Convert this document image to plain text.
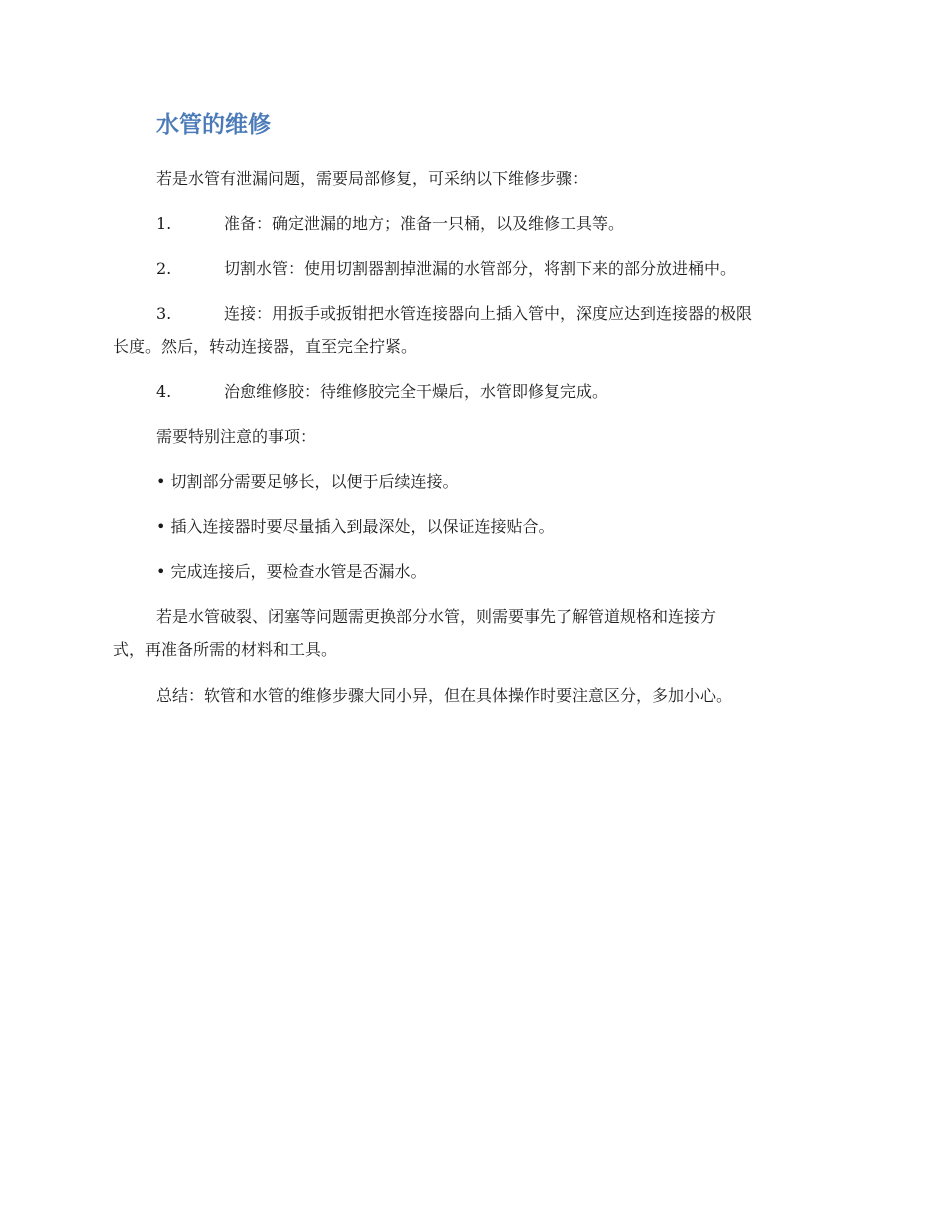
水管的维修

若是水管有泄漏问题，需要局部修复，可采纳以下维修步骤：

1.	准备：确定泄漏的地方；准备一只桶，以及维修工具等。

2.	切割水管：使用切割器割掉泄漏的水管部分，将割下来的部分放进桶中。

3.	连接：用扳手或扳钳把水管连接器向上插入管中，深度应达到连接器的极限

长度。然后，转动连接器，直至完全拧紧。

4.	治愈维修胶：待维修胶完全干燥后，水管即修复完成。

需要特别注意的事项：

• 切割部分需要足够长，以便于后续连接。

• 插入连接器时要尽量插入到最深处，以保证连接贴合。

• 完成连接后，要检查水管是否漏水。

若是水管破裂、闭塞等问题需更换部分水管，则需要事先了解管道规格和连接方

式，再准备所需的材料和工具。

总结：软管和水管的维修步骤大同小异，但在具体操作时要注意区分，多加小心。
